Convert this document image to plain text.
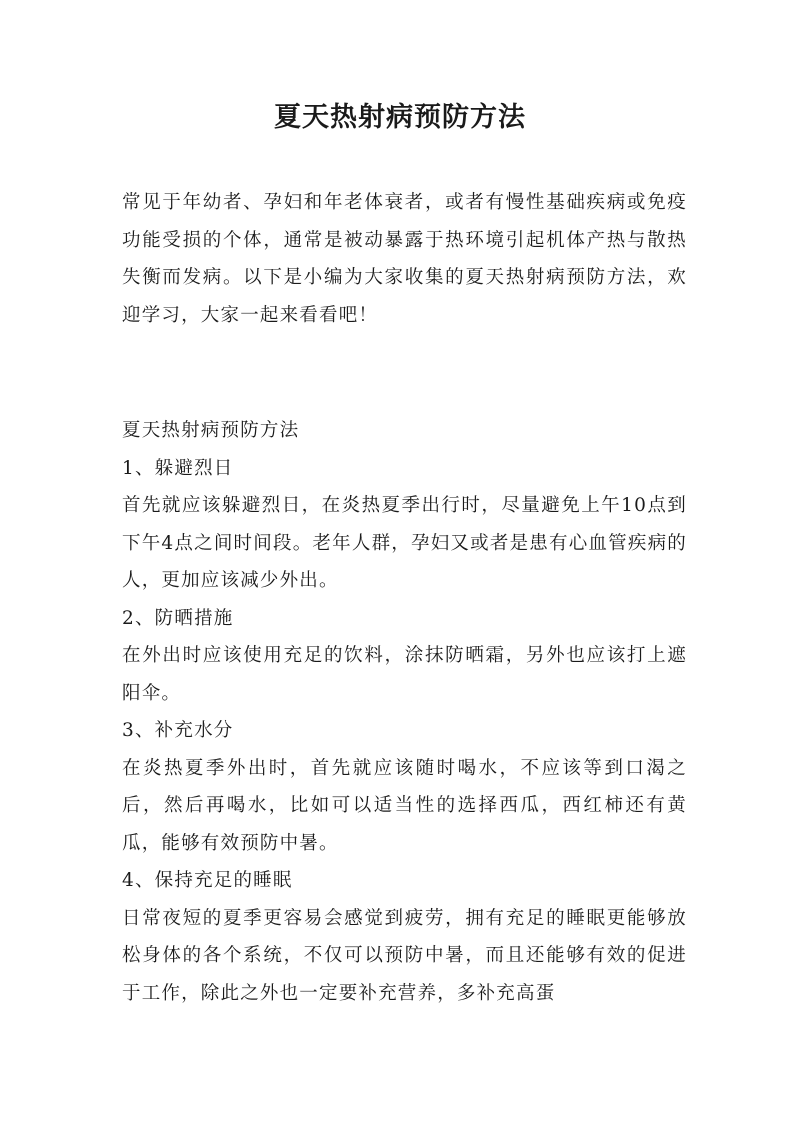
夏天热射病预防方法

常见于年幼者、孕妇和年老体衰者，或者有慢性基础疾病或免疫功能受损的个体，通常是被动暴露于热环境引起机体产热与散热失衡而发病。以下是小编为大家收集的夏天热射病预防方法，欢迎学习，大家一起来看看吧！

夏天热射病预防方法

1、躲避烈日

首先就应该躲避烈日，在炎热夏季出行时，尽量避免上午10点到下午4点之间时间段。老年人群，孕妇又或者是患有心血管疾病的人，更加应该减少外出。

2、防晒措施

在外出时应该使用充足的饮料，涂抹防晒霜，另外也应该打上遮阳伞。

3、补充水分

在炎热夏季外出时，首先就应该随时喝水，不应该等到口渴之后，然后再喝水，比如可以适当性的选择西瓜，西红柿还有黄瓜，能够有效预防中暑。

4、保持充足的睡眠

日常夜短的夏季更容易会感觉到疲劳，拥有充足的睡眠更能够放松身体的各个系统，不仅可以预防中暑，而且还能够有效的促进于工作，除此之外也一定要补充营养，多补充高蛋
